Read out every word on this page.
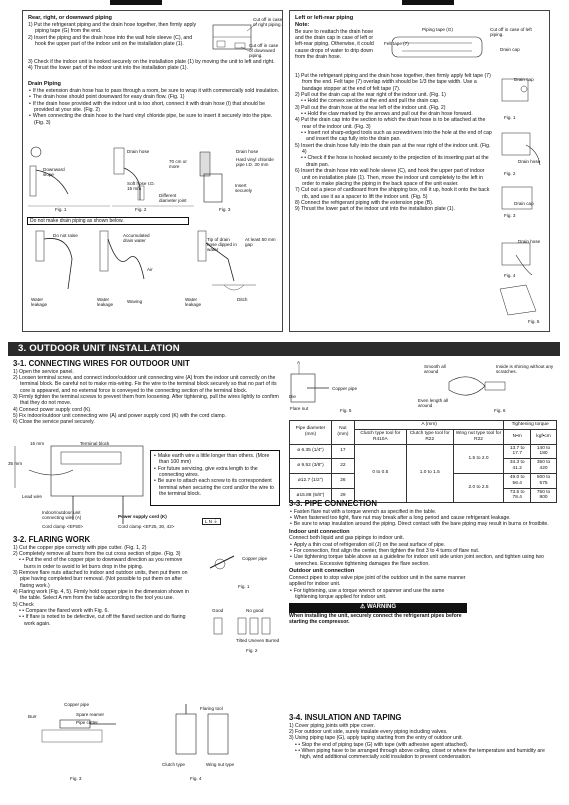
Rear, right, or downward piping
1) Put the refrigerant piping and the drain hose together, then firmly apply piping tape (G) from the end.
2) Insert the piping and the drain hose into the wall hole sleeve (C), and hook the upper part of the indoor unit on the installation plate (1).
3) Check if the indoor unit is hooked securely on the installation plate (1) by moving the unit to left and right.
4) Thrust the lower part of the indoor unit into the installation plate (1).
Cut off in case of right piping.
Cut off in case of downward piping.
Drain Piping
• If the extension drain hose has to pass through a room, be sure to wrap it with commercially sold insulation.
• The drain hose should point downward for easy drain flow. (Fig. 1)
• If the drain hose provided with the indoor unit is too short, connect it with drain hose (I) that should be provided at your site. (Fig. 2)
• When connecting the drain hose to the hard vinyl chloride pipe, be sure to insert it securely into the pipe. (Fig. 3)
Downward slope
Drain hose
Soft hose I.D. 15 mm
70 cm or more
Different diameter joint
Drain hose
Hard vinyl chloride pipe I.D. 30 mm
Insert securely
Fig. 1	Fig. 2	Fig. 3
Do not make drain piping as shown below.
Do not raise	Accumulated drain water
Air
Tip of drain hose dipped in water
At least 50 mm gap
Water leakage
Water leakage
Waving	Water leakage
Ditch
Left or left-rear piping
Note:
Be sure to reattach the drain hose and the drain cap in case of left or left-rear piping. Otherwise, it could cause drops of water to drip down from the drain hose.
Piping tape (G)
Felt tape (7)
Cut off in case of left piping.
Drain cap
1) Put the refrigerant piping and the drain hose together, then firmly apply felt tape (7) from the end. Felt tape (7) overlap width should be 1/3 the tape width. Use a bandage stopper at the end of felt tape (7).
2) Pull out the drain cap at the rear right of the indoor unit. (Fig. 1)
• • Hold the convex section at the end and pull the drain cap.
3) Pull out the drain hose at the rear left of the indoor unit. (Fig. 2)
• • Hold the claw marked by the arrows and pull out the drain hose forward.
4) Put the drain cap into the section to which the drain hose is to be attached at the rear of the indoor unit. (Fig. 3)
• • Insert not sharp-edged tools such as screwdrivers into the hole at the end of cap and insert the cap fully into the drain pan.
5) Insert the drain hose fully into the drain pan at the rear right of the indoor unit. (Fig. 4)
• • Check if the hose is hooked securely to the projection of its inserting part at the drain pan.
6) Insert the drain hose into wall hole sleeve (C), and hook the upper part of indoor unit on installation plate (1). Then, move the indoor unit completely to the left in order to make placing the piping in the back space of the unit easier.
7) Cut out a piece of cardboard from the shipping box, roll it up, hook it onto the back rib, and use it as a spacer to lift the indoor unit. (Fig. 5)
8) Connect the refrigerant piping with the extension pipe (B).
9) Thrust the lower part of the indoor unit into the installation plate (1).
Drain cap
Fig. 1
Drain hose
Fig. 2
Drain cap
Fig. 3
Drain hose
Fig. 4
Fig. 5
3. OUTDOOR UNIT INSTALLATION
3-1. CONNECTING WIRES FOR OUTDOOR UNIT
1) Open the service panel.
2) Loosen terminal screw, and connect indoor/outdoor unit connecting wire (A) from the indoor unit correctly on the terminal block. Be careful not to make mis-wiring. Fix the wire to the terminal block securely so that no part of its core is appeared, and no external force is conveyed to the connecting section of the terminal block.
3) Firmly tighten the terminal screws to prevent them from loosening. After tightening, pull the wires lightly to confirm that they do not move.
4) Connect power supply cord (K).
5) Fix indoor/outdoor unit connecting wire (A) and power supply cord (K) with the cord clamp.
6) Close the service panel securely.
15 mm
35 mm
Terminal block
Lead wire
Indoor/outdoor unit connecting wire (A)
Cord clamp <EF50>
Power supply cord (K)
Cord clamp <EF25, 30, 42>
L N ⏚
• Make earth wire a little longer than others. (More than 100 mm)
• For future servicing, give extra length to the connecting wires.
• Be sure to attach each screw to its correspondent terminal when securing the cord and/or the wire to the terminal block.
3-2. FLARING WORK
1) Cut the copper pipe correctly with pipe cutter. (Fig. 1, 2)
2) Completely remove all burrs from the cut cross section of pipe. (Fig. 3)
• • Put the end of the copper pipe to downward direction as you remove burrs in order to avoid to let burrs drop in the piping.
3) Remove flare nuts attached to indoor and outdoor units, then put them on pipe having completed burr removal. (Not possible to put them on after flaring work.)
4) Flaring work (Fig. 4, 5). Firmly hold copper pipe in the dimension shown in the table. Select A mm from the table according to the tool you use.
5) Check
• • Compare the flared work with Fig. 6.
• • If flare is noted to be defective, cut off the flared section and do flaring work again.
Copper pipe
Fig. 1
Good	No good
Tilted Uneven Burred
Fig. 2
Burr
Copper pipe
Spare reamer
Pipe cutter
Fig. 3
Flaring tool
Clutch type	Wing nut type
Fig. 4
A
Die
Copper pipe
Flare nut	Fig. 5
Smooth all around
Inside is shining without any scratches.
Even length all around
Fig. 6
Pipe diameter (mm)	Nut (mm)	A (mm)			Tightening torque	
		Clutch type tool for R410A	Clutch type tool for R22	Wing nut type tool for R22	N•m	kgf•cm
ø 6.35 (1/4")	17	0 to 0.5	1.0 to 1.5	1.5 to 2.0	13.7 to 17.7	140 to 180
ø 9.52 (3/8")	22				34.3 to 41.2	350 to 420
ø12.7 (1/2")	26			2.0 to 2.5	49.0 to 56.4	500 to 575
ø15.88 (5/8")	29				73.5 to 78.4	750 to 800
3-3. PIPE CONNECTION
• Fasten flare nut with a torque wrench as specified in the table.
• When fastened too tight, flare nut may break after a long period and cause refrigerant leakage.
• Be sure to wrap insulation around the piping. Direct contact with the bare piping may result in burns or frostbite.
Indoor unit connection
Connect both liquid and gas pipings to indoor unit.
• Apply a thin coat of refrigeration oil (J) on the seat surface of pipe.
• For connection, first align the center, then tighten the first 3 to 4 turns of flare nut.
• Use tightening torque table above as a guideline for indoor unit side union joint section, and tighten using two wrenches. Excessive tightening damages the flare section.
Outdoor unit connection
Connect pipes to stop valve pipe joint of the outdoor unit in the same manner applied for indoor unit.
• For tightening, use a torque wrench or spanner and use the same tightening torque applied for indoor unit.
⚠ WARNING
When installing the unit, securely connect the refrigerant pipes before starting the compressor.
3-4. INSULATION AND TAPING
1) Cover piping joints with pipe cover.
2) For outdoor unit side, surely insulate every piping including valves.
3) Using piping tape (G), apply taping starting from the entry of outdoor unit.
• • Stop the end of piping tape (G) with tape (with adhesive agent attached).
• • When piping have to be arranged through above ceiling, closet or where the temperature and humidity are high, wind additional commercially sold insulation to prevent condensation.
